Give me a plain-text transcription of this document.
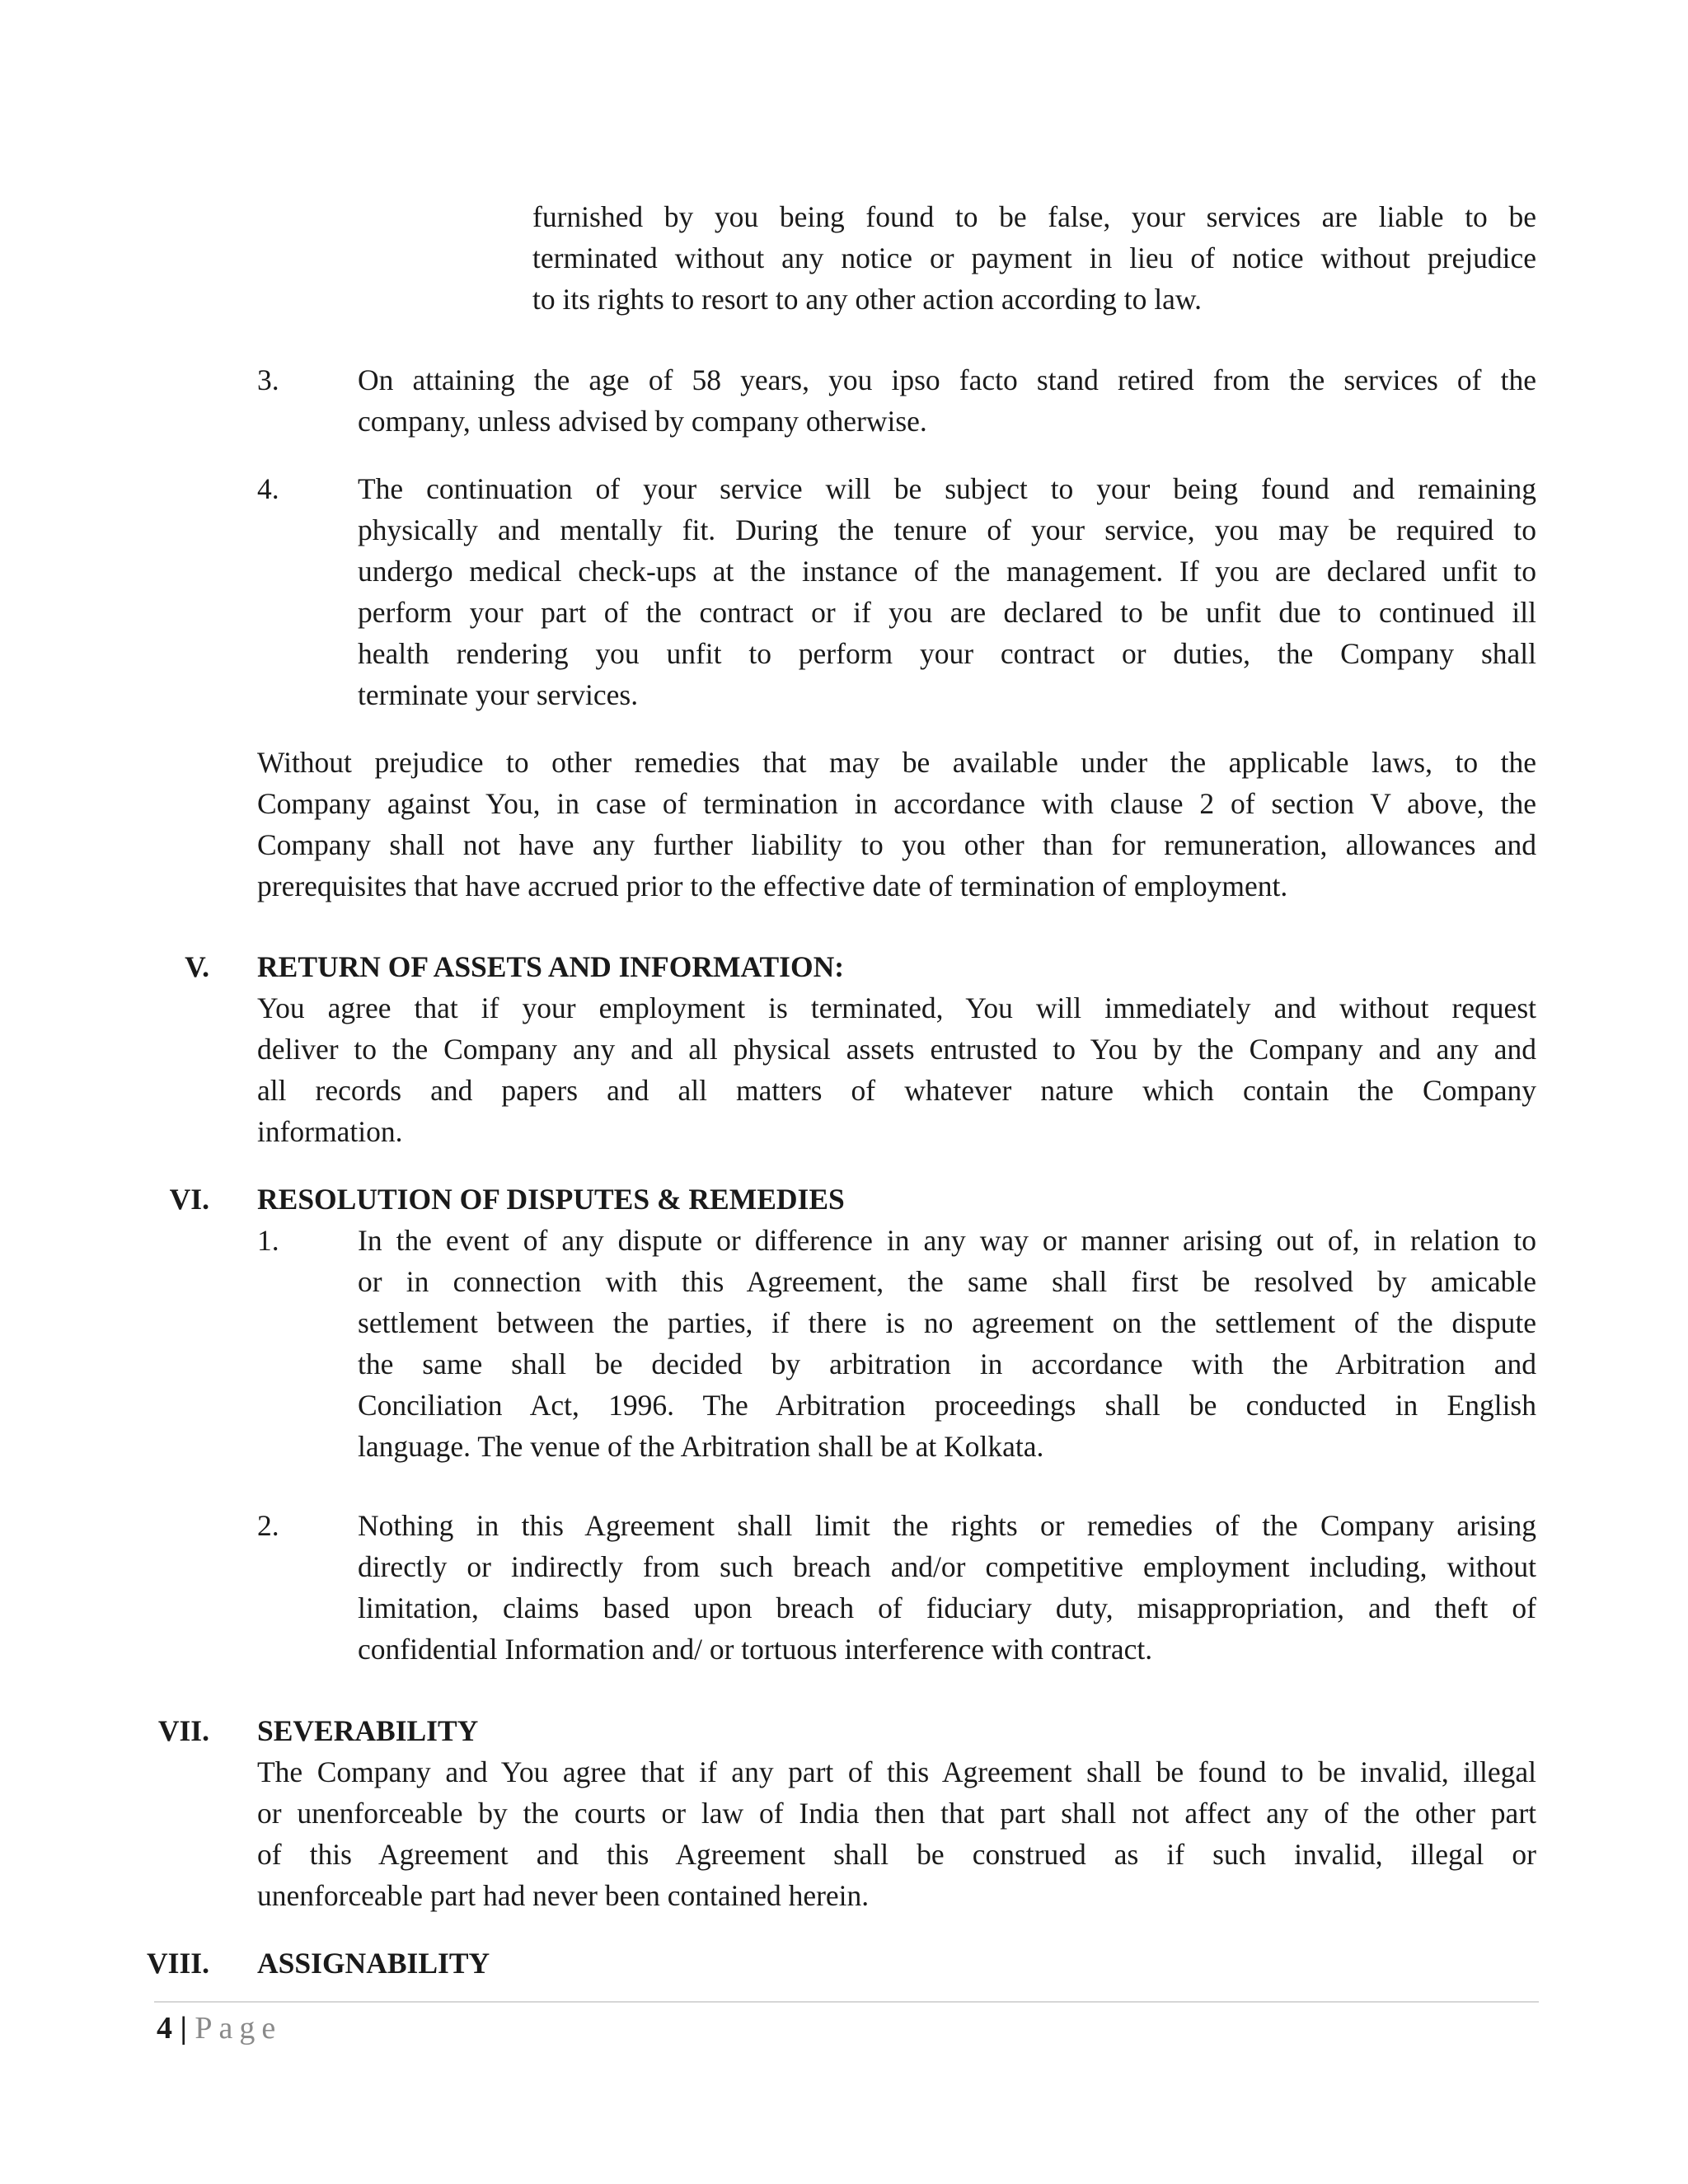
furnished by you being found to be false, your services are liable to be
terminated without any notice or payment in lieu of notice without prejudice
to its rights to resort to any other action according to law.

3.	On attaining the age of 58 years, you ipso facto stand retired from the services of the
company, unless advised by company otherwise.

4.	The continuation of your service will be subject to your being found and remaining
physically and mentally fit. During the tenure of your service, you may be required to
undergo medical check-ups at the instance of the management. If you are declared unfit to
perform your part of the contract or if you are declared to be unfit due to continued ill
health rendering you unfit to perform your contract or duties, the Company shall
terminate your services.

Without prejudice to other remedies that may be available under the applicable laws, to the
Company against You, in case of termination in accordance with clause 2 of section V above, the
Company shall not have any further liability to you other than for remuneration, allowances and
prerequisites that have accrued prior to the effective date of termination of employment.

V. RETURN OF ASSETS AND INFORMATION:

You agree that if your employment is terminated, You will immediately and without request
deliver to the Company any and all physical assets entrusted to You by the Company and any and
all records and papers and all matters of whatever nature which contain the Company
information.

VI. RESOLUTION OF DISPUTES & REMEDIES
1.	In the event of any dispute or difference in any way or manner arising out of, in relation to
or in connection with this Agreement, the same shall first be resolved by amicable
settlement between the parties, if there is no agreement on the settlement of the dispute
the same shall be decided by arbitration in accordance with the Arbitration and
Conciliation Act, 1996. The Arbitration proceedings shall be conducted in English
language. The venue of the Arbitration shall be at Kolkata.

2.	Nothing in this Agreement shall limit the rights or remedies of the Company arising
directly or indirectly from such breach and/or competitive employment including, without
limitation, claims based upon breach of fiduciary duty, misappropriation, and theft of
confidential Information and/ or tortuous interference with contract.

VII. SEVERABILITY

The Company and You agree that if any part of this Agreement shall be found to be invalid, illegal
or unenforceable by the courts or law of India then that part shall not affect any of the other part
of this Agreement and this Agreement shall be construed as if such invalid, illegal or
unenforceable part had never been contained herein.

VIII. ASSIGNABILITY
4 | Page
